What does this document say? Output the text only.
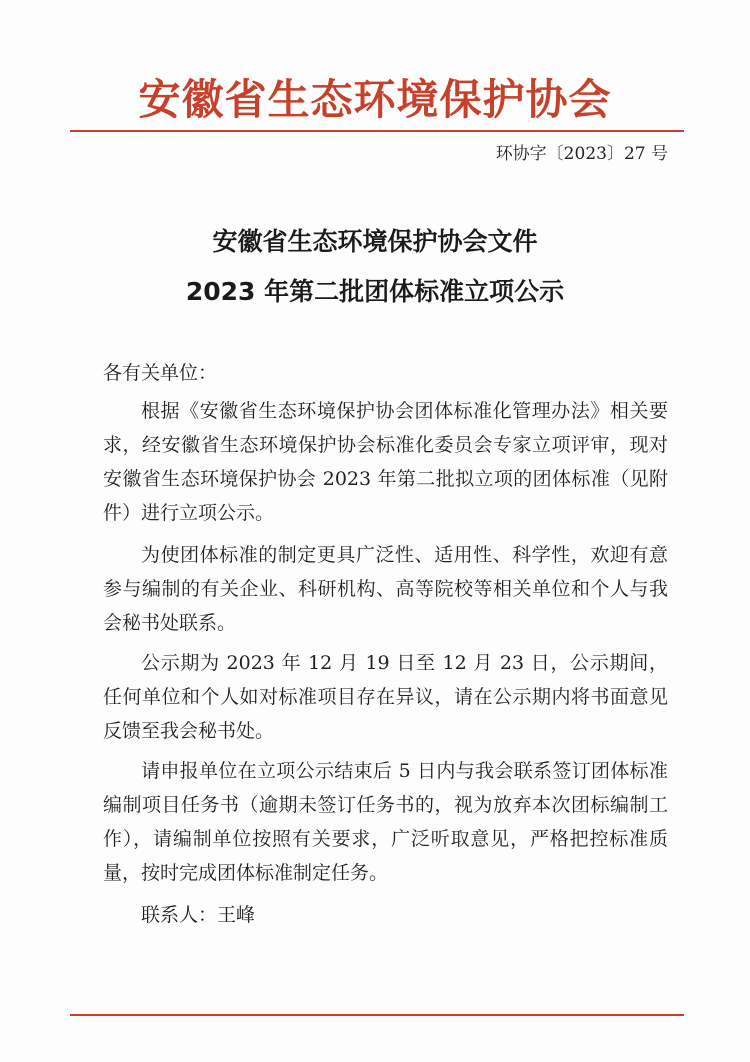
安徽省生态环境保护协会
环协字〔2023〕27 号
安徽省生态环境保护协会文件
2023 年第二批团体标准立项公示
各有关单位：
根据《安徽省生态环境保护协会团体标准化管理办法》相关要求，经安徽省生态环境保护协会标准化委员会专家立项评审，现对安徽省生态环境保护协会 2023 年第二批拟立项的团体标准（见附件）进行立项公示。
为使团体标准的制定更具广泛性、适用性、科学性，欢迎有意参与编制的有关企业、科研机构、高等院校等相关单位和个人与我会秘书处联系。
公示期为 2023 年 12 月 19 日至 12 月 23 日，公示期间，任何单位和个人如对标准项目存在异议，请在公示期内将书面意见反馈至我会秘书处。
请申报单位在立项公示结束后 5 日内与我会联系签订团体标准编制项目任务书（逾期未签订任务书的，视为放弃本次团标编制工作），请编制单位按照有关要求，广泛听取意见，严格把控标准质量，按时完成团体标准制定任务。
联系人：王峰
